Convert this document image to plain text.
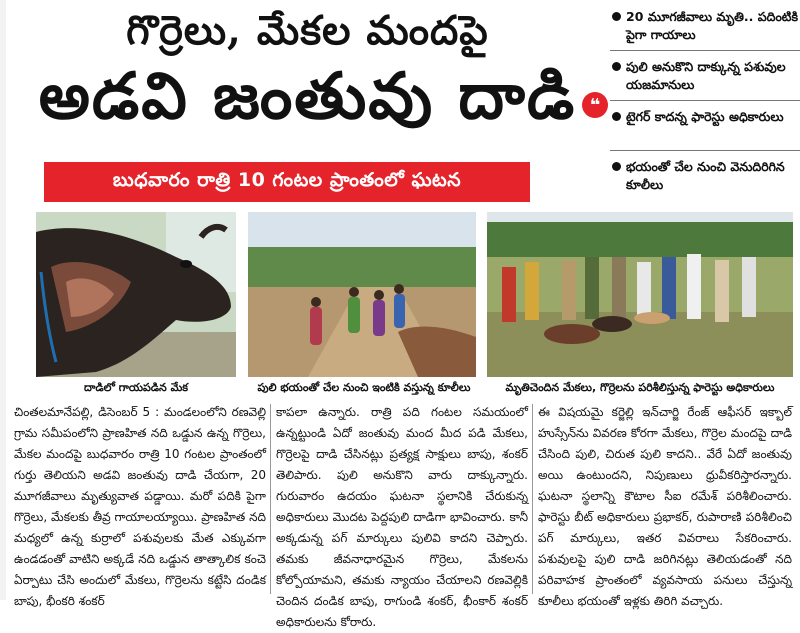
గొర్రెలు, మేకల మందపై
అడవి జంతువు దాడి
బుధవారం రాత్రి 10 గంటల ప్రాంతంలో ఘటన
❝
20 మూగజీవాలు మృతి.. పదింటికి పైగా గాయాలు
పులి అనుకొని దాక్కున్న పశువుల యజమానులు
టైగర్ కాదన్న ఫారెస్టు అధికారులు
భయంతో చేల నుంచి వెనుదిరిగిన కూలీలు
దాడిలో గాయపడిన మేక	పులి భయంతో చేల నుంచి ఇంటికి వస్తున్న కూలీలు	మృతిచెందిన మేకలు, గొర్రెలను పరిశీలిస్తున్న ఫారెస్టు అధికారులు
చింతలమానేపల్లి, డిసెంబర్ 5 : మండలంలోని రణవెల్లి గ్రామ సమీపంలోని ప్రాణహిత నది ఒడ్డున ఉన్న గొర్రెలు, మేకల మందపై బుధవారం రాత్రి 10 గంటల ప్రాంతంలో గుర్తు తెలియని అడవి జంతువు దాడి చేయగా, 20 మూగజీవాలు మృత్యువాత పడ్డాయి. మరో పదికి పైగా గొర్రెలు, మేకలకు తీవ్ర గాయాలయ్యాయి. ప్రాణహిత నది మధ్యలో ఉన్న కుర్రాలో పశువులకు మేత ఎక్కువగా ఉండడంతో వాటిని అక్కడే నది ఒడ్డున తాత్కాలిక కంచె ఏర్పాటు చేసి అందులో మేకలు, గొర్రెలను కట్టేసి దండిక బాపు, భీంకరి శంకర్
కాపలా ఉన్నారు. రాత్రి పది గంటల సమయంలో ఉన్నట్టుండి ఏదో జంతువు మంద మీద పడి మేకలు, గొర్రెలపై దాడి చేసినట్లు ప్రత్యక్ష సాక్షులు బాపు, శంకర్ తెలిపారు. పులి అనుకొని వారు దాక్కున్నారు. గురువారం ఉదయం ఘటనా స్థలానికి చేరుకున్న అధికారులు మొదట పెద్దపులి దాడిగా భావించారు. కానీ అక్కడున్న పగ్ మార్కులు పులివి కాదని చెప్పారు. తమకు జీవనాధారమైన గొర్రెలు, మేకలను కోల్పోయామని, తమకు న్యాయం చేయాలని రణవెల్లికి చెందిన దండిక బాపు, రాగుండి శంకర్, భీంకార్ శంకర్ అధికారులను కోరారు.
ఈ విషయమై కర్జెల్లి ఇన్‌చార్జి రేంజ్ ఆఫీసర్ ఇక్బాల్ హుస్సేన్‌ను వివరణ కోరగా మేకలు, గొర్రెల మందపై దాడి చేసింది పులి, చిరుత పులి కాదని.. వేరే ఏదో జంతువు అయి ఉంటుందని, నిపుణులు ధ్రువీకరిస్తారన్నారు. ఘటనా స్థలాన్ని కౌటాల సీఐ రమేశ్ పరిశీలించారు. ఫారెస్టు బీట్ అధికారులు ప్రభాకర్, రుపారాణి పరిశీలించి పగ్ మార్కులు, ఇతర వివరాలు సేకరించారు. పశువులపై పులి దాడి జరిగినట్లు తెలియడంతో నది పరివాహక ప్రాంతంలో వ్యవసాయ పనులు చేస్తున్న కూలీలు భయంతో ఇళ్లకు తిరిగి వచ్చారు.
